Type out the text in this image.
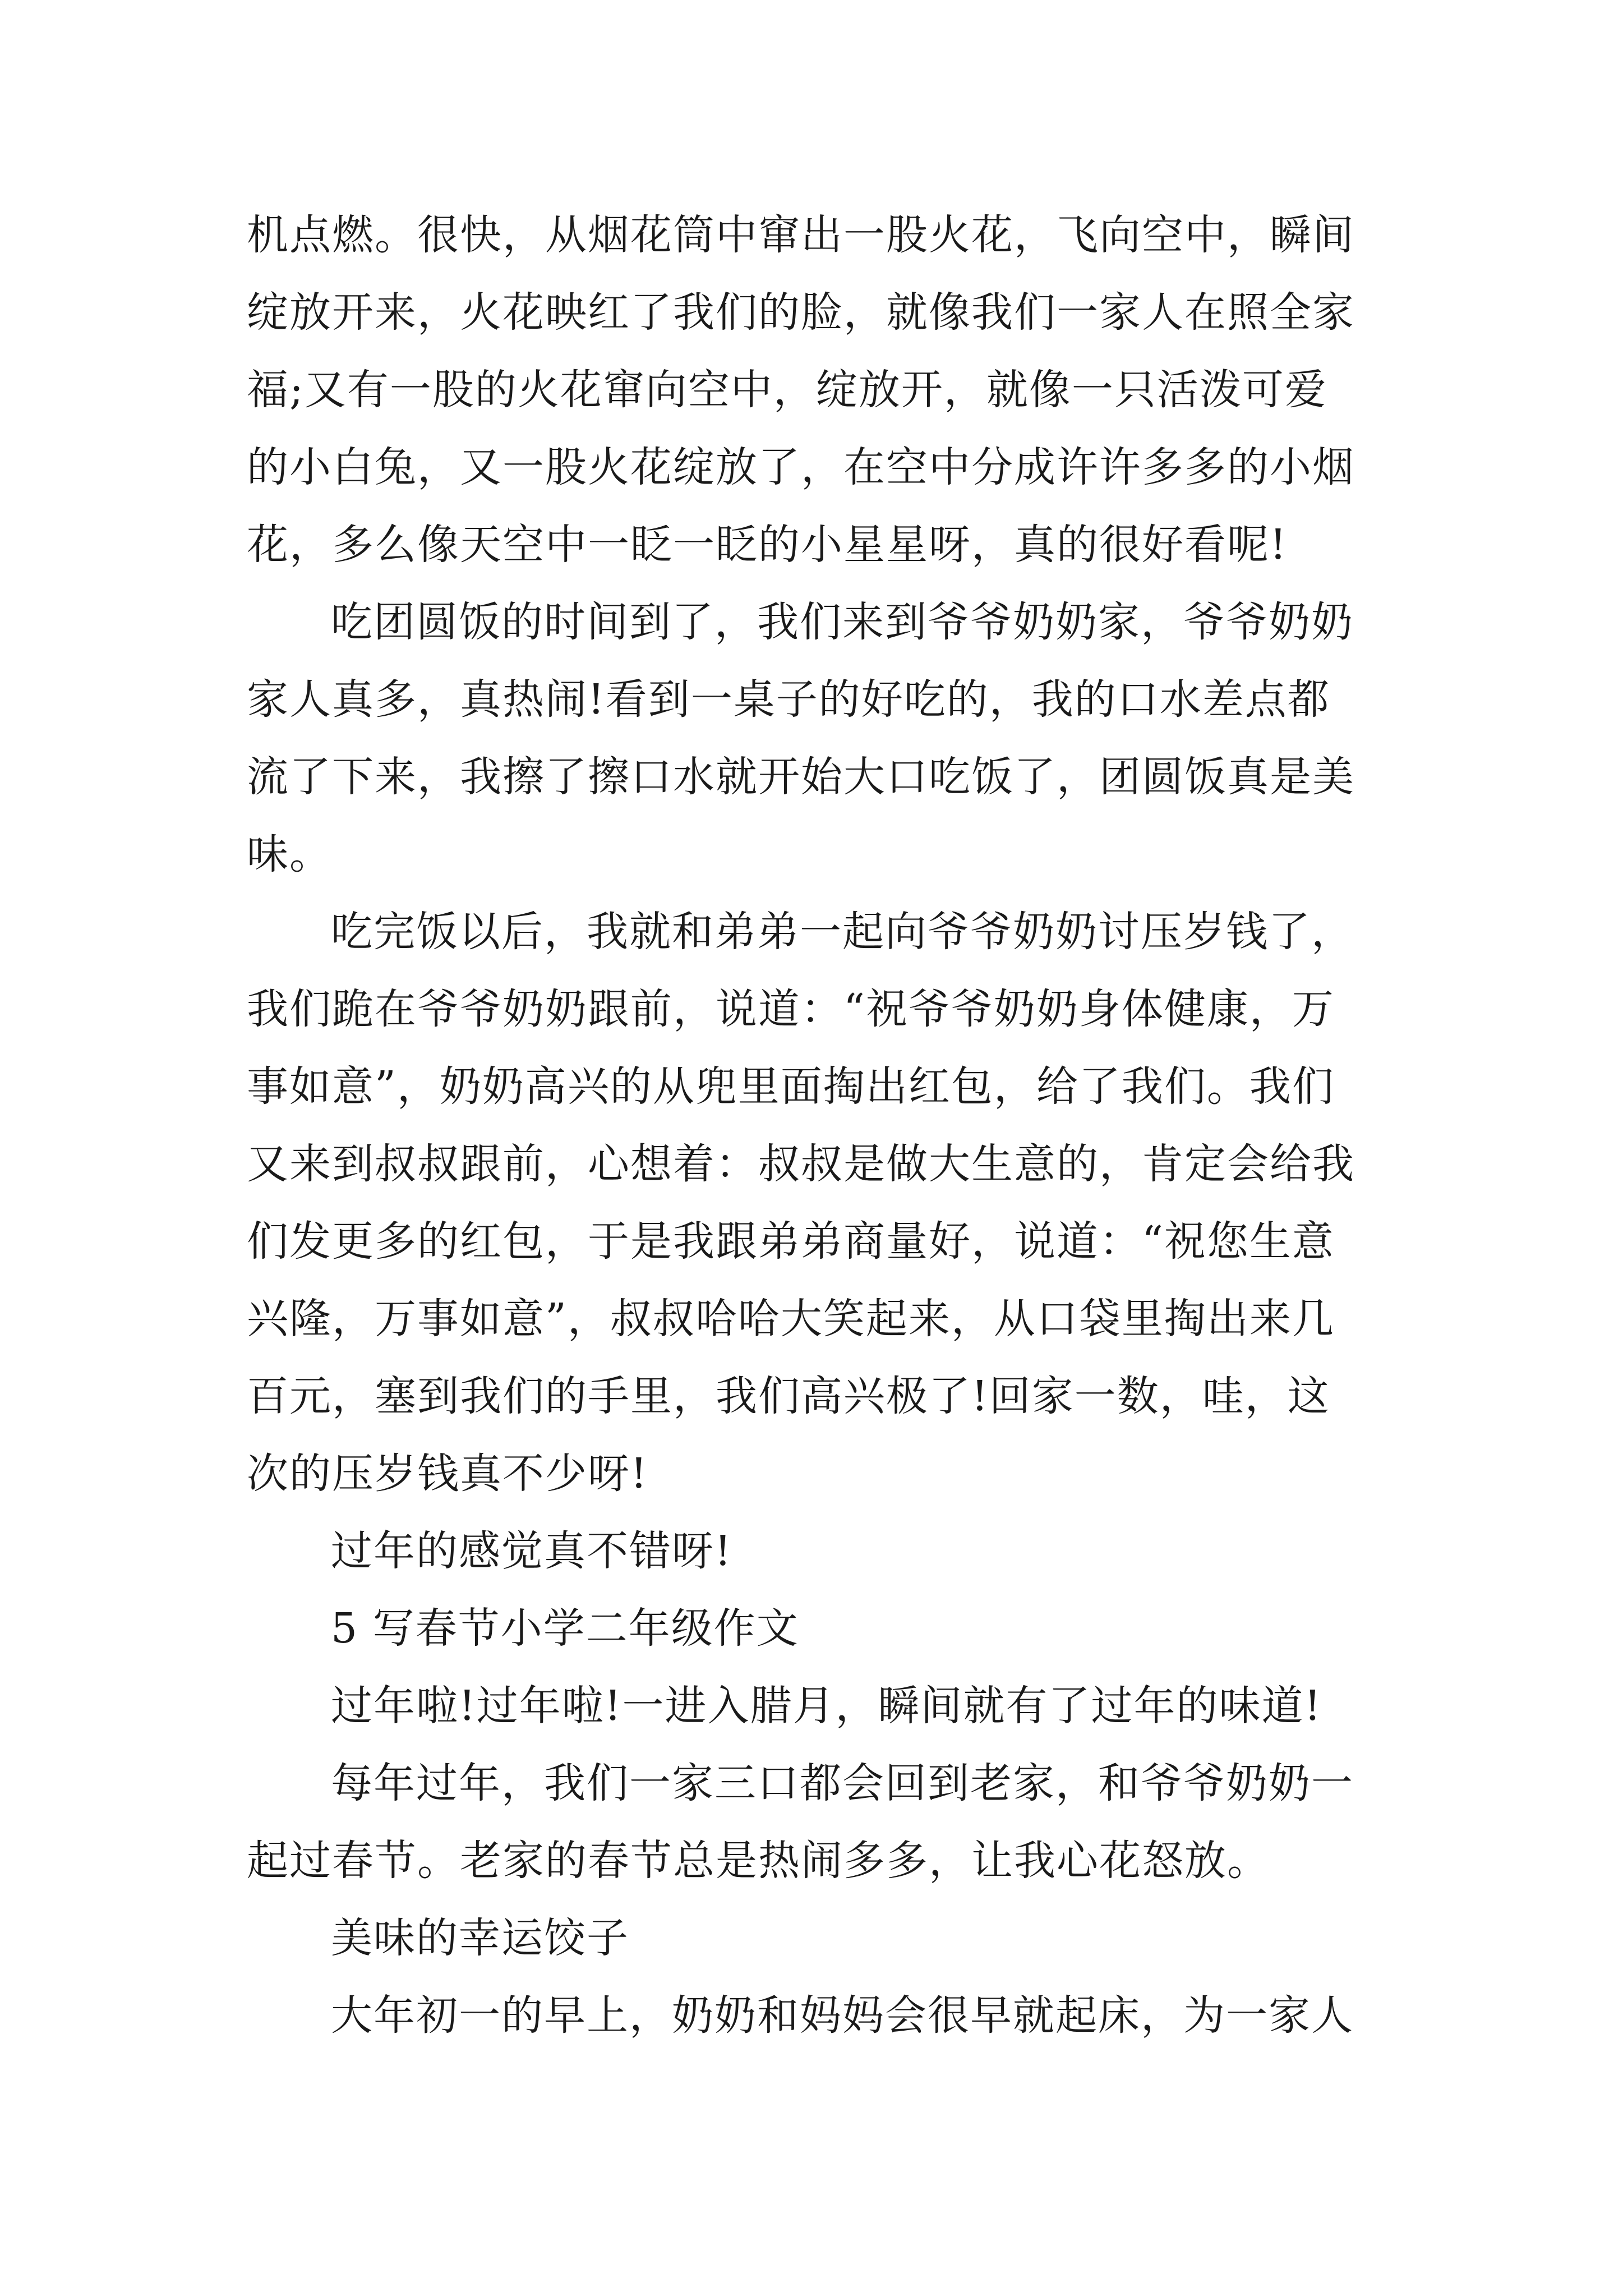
机点燃。很快，从烟花筒中窜出一股火花，飞向空中，瞬间
绽放开来，火花映红了我们的脸，就像我们一家人在照全家
福;又有一股的火花窜向空中，绽放开，就像一只活泼可爱
的小白兔，又一股火花绽放了，在空中分成许许多多的小烟
花，多么像天空中一眨一眨的小星星呀，真的很好看呢!
吃团圆饭的时间到了，我们来到爷爷奶奶家，爷爷奶奶
家人真多，真热闹!看到一桌子的好吃的，我的口水差点都
流了下来，我擦了擦口水就开始大口吃饭了，团圆饭真是美
味。
吃完饭以后，我就和弟弟一起向爷爷奶奶讨压岁钱了，
我们跪在爷爷奶奶跟前，说道：“祝爷爷奶奶身体健康，万
事如意”，奶奶高兴的从兜里面掏出红包，给了我们。我们
又来到叔叔跟前，心想着：叔叔是做大生意的，肯定会给我
们发更多的红包，于是我跟弟弟商量好，说道：“祝您生意
兴隆，万事如意”，叔叔哈哈大笑起来，从口袋里掏出来几
百元，塞到我们的手里，我们高兴极了!回家一数，哇，这
次的压岁钱真不少呀!
过年的感觉真不错呀!
5 写春节小学二年级作文
过年啦!过年啦!一进入腊月，瞬间就有了过年的味道!
每年过年，我们一家三口都会回到老家，和爷爷奶奶一
起过春节。老家的春节总是热闹多多，让我心花怒放。
美味的幸运饺子
大年初一的早上，奶奶和妈妈会很早就起床，为一家人
